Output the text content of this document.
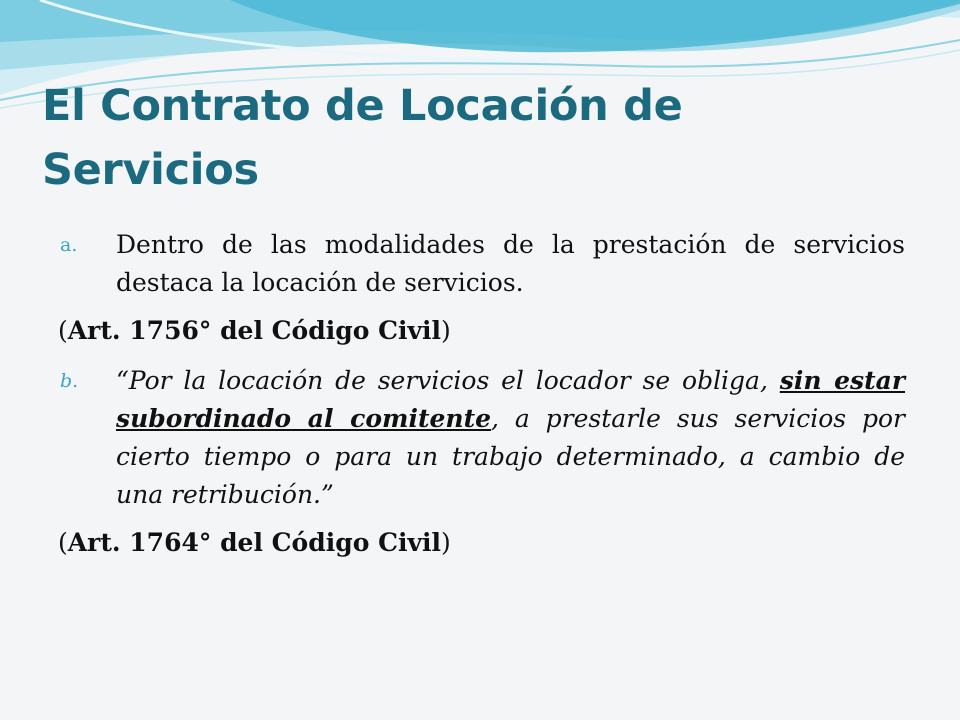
El Contrato de Locación de
Servicios
a. Dentro de las modalidades de la prestación de servicios destaca la locación de servicios.
(Art. 1756° del Código Civil)
b. “Por la locación de servicios el locador se obliga, sin estar subordinado al comitente, a prestarle sus servicios por cierto tiempo o para un trabajo determinado, a cambio de una retribución.”
(Art. 1764° del Código Civil)
